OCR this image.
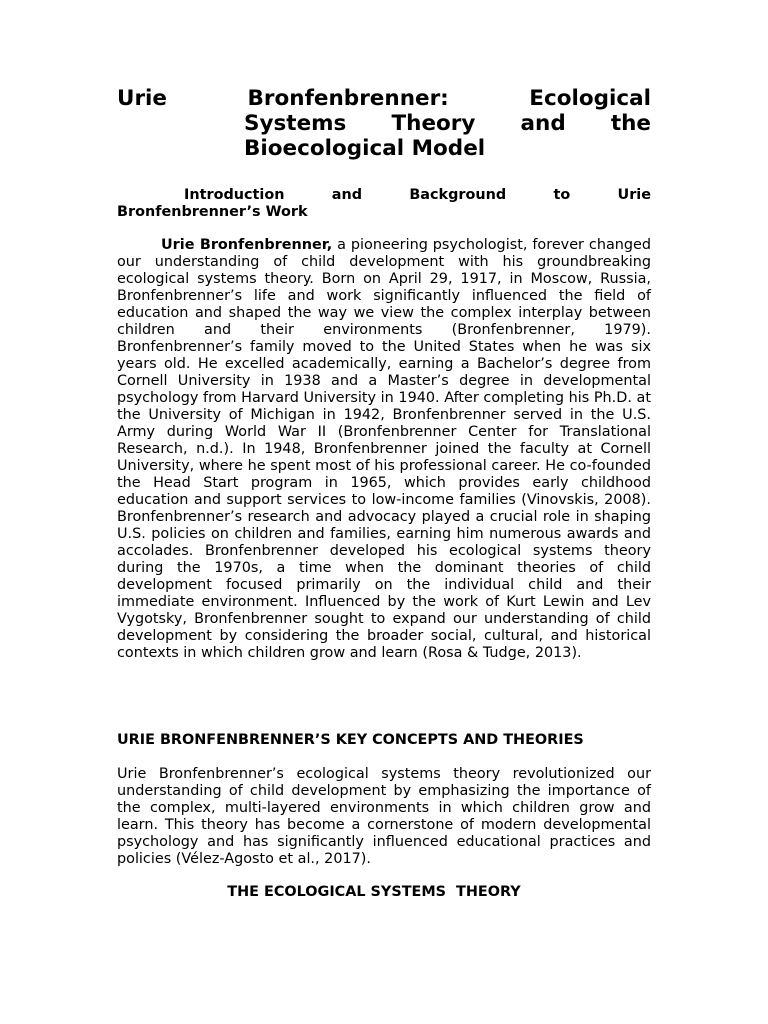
Urie Bronfenbrenner: Ecological
Systems Theory and the
Bioecological Model
Introduction and Background to Urie
Bronfenbrenner’s Work

Urie Bronfenbrenner, a pioneering psychologist, forever changed our understanding of child development with his groundbreaking ecological systems theory. Born on April 29, 1917, in Moscow, Russia, Bronfenbrenner’s life and work significantly influenced the field of education and shaped the way we view the complex interplay between children and their environments (Bronfenbrenner, 1979). Bronfenbrenner’s family moved to the United States when he was six years old. He excelled academically, earning a Bachelor’s degree from Cornell University in 1938 and a Master’s degree in developmental psychology from Harvard University in 1940. After completing his Ph.D. at the University of Michigan in 1942, Bronfenbrenner served in the U.S. Army during World War II (Bronfenbrenner Center for Translational Research, n.d.). In 1948, Bronfenbrenner joined the faculty at Cornell University, where he spent most of his professional career. He co-founded the Head Start program in 1965, which provides early childhood education and support services to low-income families (Vinovskis, 2008). Bronfenbrenner’s research and advocacy played a crucial role in shaping U.S. policies on children and families, earning him numerous awards and accolades. Bronfenbrenner developed his ecological systems theory during the 1970s, a time when the dominant theories of child development focused primarily on the individual child and their immediate environment. Influenced by the work of Kurt Lewin and Lev Vygotsky, Bronfenbrenner sought to expand our understanding of child development by considering the broader social, cultural, and historical contexts in which children grow and learn (Rosa & Tudge, 2013).

URIE BRONFENBRENNER’S KEY CONCEPTS AND THEORIES

Urie Bronfenbrenner’s ecological systems theory revolutionized our understanding of child development by emphasizing the importance of the complex, multi-layered environments in which children grow and learn. This theory has become a cornerstone of modern developmental psychology and has significantly influenced educational practices and policies (Vélez-Agosto et al., 2017).

THE ECOLOGICAL SYSTEMS  THEORY
